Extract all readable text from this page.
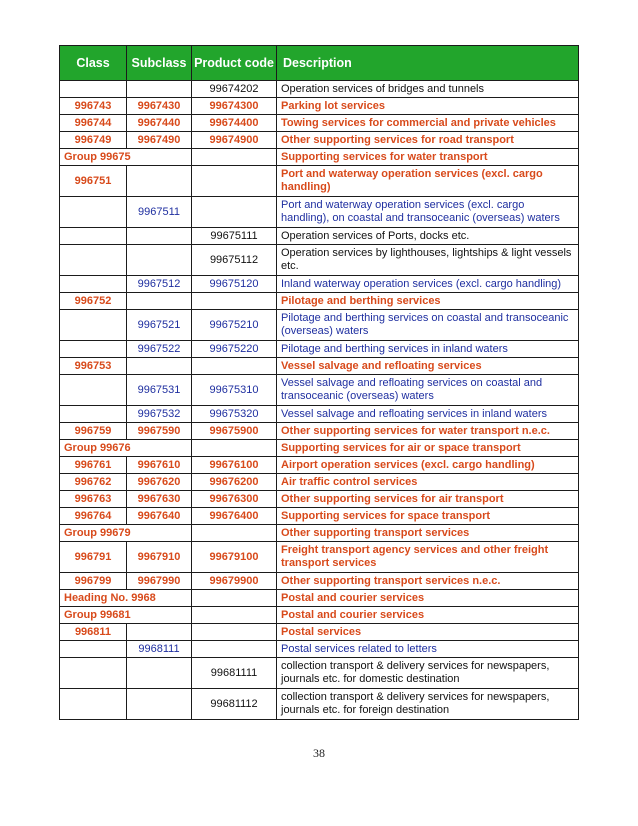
Class	Subclass	Product code	Description
		99674202	Operation services of bridges and tunnels
996743	9967430	99674300	Parking lot services
996744	9967440	99674400	Towing services for commercial and private vehicles
996749	9967490	99674900	Other supporting services for road transport
Group 99675			Supporting services for water transport
996751			Port and waterway operation services (excl. cargo handling)
	9967511		Port and waterway operation services (excl. cargo handling), on coastal and transoceanic (overseas) waters
		99675111	Operation services of Ports, docks etc.
		99675112	Operation services by lighthouses, lightships & light vessels etc.
	9967512	99675120	Inland waterway operation services (excl. cargo handling)
996752			Pilotage and berthing services
	9967521	99675210	Pilotage and berthing services on coastal and transoceanic (overseas) waters
	9967522	99675220	Pilotage and berthing services in inland waters
996753			Vessel salvage and refloating services
	9967531	99675310	Vessel salvage and refloating services on coastal and transoceanic (overseas) waters
	9967532	99675320	Vessel salvage and refloating services in inland waters
996759	9967590	99675900	Other supporting services for water transport n.e.c.
Group 99676			Supporting services for air or space transport
996761	9967610	99676100	Airport operation services (excl. cargo handling)
996762	9967620	99676200	Air traffic control services
996763	9967630	99676300	Other supporting services for air transport
996764	9967640	99676400	Supporting services for space transport
Group 99679			Other supporting transport services
996791	9967910	99679100	Freight transport agency services and other freight transport services
996799	9967990	99679900	Other supporting transport services n.e.c.
Heading No. 9968			Postal and courier services
Group 99681			Postal and courier services
996811			Postal services
	9968111		Postal services related to letters
		99681111	collection transport & delivery services for newspapers, journals etc. for domestic destination
		99681112	collection transport & delivery services for newspapers, journals etc. for foreign destination
38
